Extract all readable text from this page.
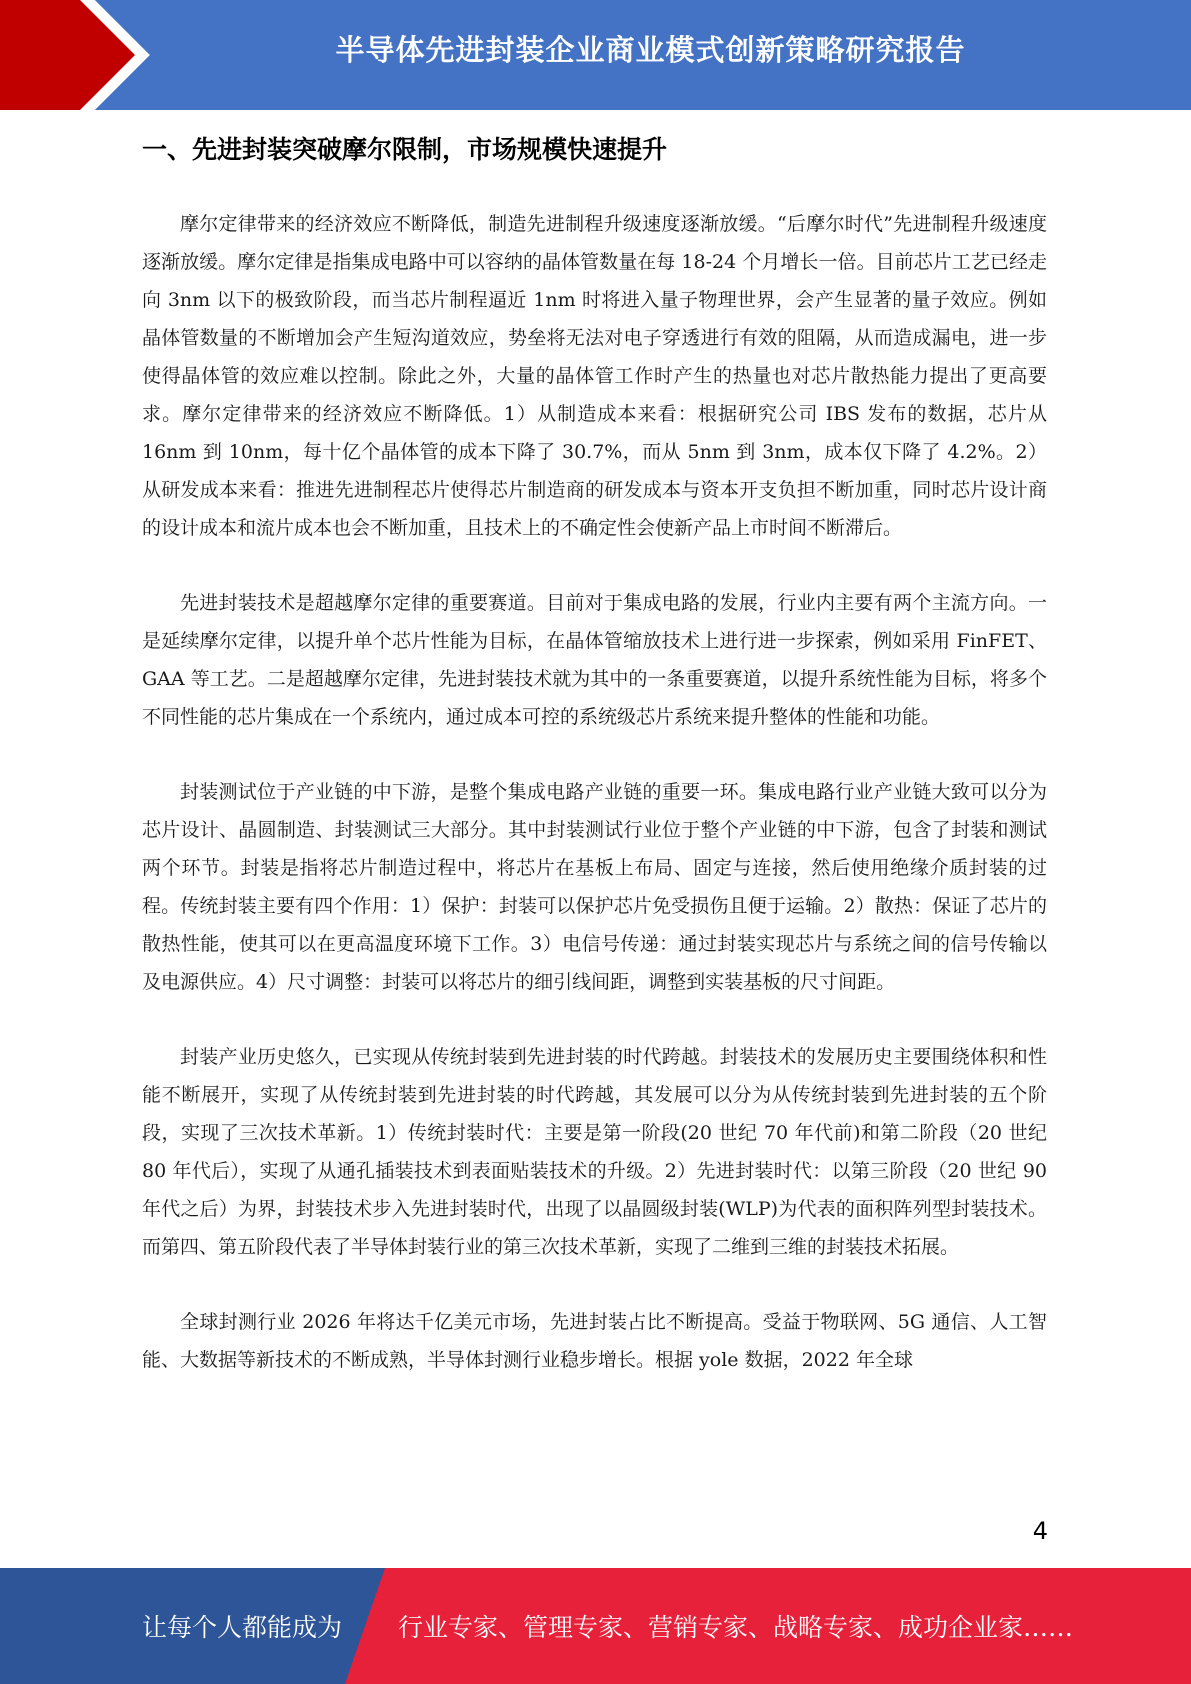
半导体先进封装企业商业模式创新策略研究报告
一、先进封装突破摩尔限制，市场规模快速提升

摩尔定律带来的经济效应不断降低，制造先进制程升级速度逐渐放缓。“后摩尔时代”先进制程升级速度逐渐放缓。摩尔定律是指集成电路中可以容纳的晶体管数量在每 18-24 个月增长一倍。目前芯片工艺已经走向 3nm 以下的极致阶段，而当芯片制程逼近 1nm 时将进入量子物理世界，会产生显著的量子效应。例如晶体管数量的不断增加会产生短沟道效应，势垒将无法对电子穿透进行有效的阻隔，从而造成漏电，进一步使得晶体管的效应难以控制。除此之外，大量的晶体管工作时产生的热量也对芯片散热能力提出了更高要求。摩尔定律带来的经济效应不断降低。1）从制造成本来看：根据研究公司 IBS 发布的数据，芯片从 16nm 到 10nm，每十亿个晶体管的成本下降了 30.7%，而从 5nm 到 3nm，成本仅下降了 4.2%。2）从研发成本来看：推进先进制程芯片使得芯片制造商的研发成本与资本开支负担不断加重，同时芯片设计商的设计成本和流片成本也会不断加重，且技术上的不确定性会使新产品上市时间不断滞后。

先进封装技术是超越摩尔定律的重要赛道。目前对于集成电路的发展，行业内主要有两个主流方向。一是延续摩尔定律，以提升单个芯片性能为目标，在晶体管缩放技术上进行进一步探索，例如采用 FinFET、GAA 等工艺。二是超越摩尔定律，先进封装技术就为其中的一条重要赛道，以提升系统性能为目标，将多个不同性能的芯片集成在一个系统内，通过成本可控的系统级芯片系统来提升整体的性能和功能。

封装测试位于产业链的中下游，是整个集成电路产业链的重要一环。集成电路行业产业链大致可以分为芯片设计、晶圆制造、封装测试三大部分。其中封装测试行业位于整个产业链的中下游，包含了封装和测试两个环节。封装是指将芯片制造过程中，将芯片在基板上布局、固定与连接，然后使用绝缘介质封装的过程。传统封装主要有四个作用：1）保护：封装可以保护芯片免受损伤且便于运输。2）散热：保证了芯片的散热性能，使其可以在更高温度环境下工作。3）电信号传递：通过封装实现芯片与系统之间的信号传输以及电源供应。4）尺寸调整：封装可以将芯片的细引线间距，调整到实装基板的尺寸间距。

封装产业历史悠久，已实现从传统封装到先进封装的时代跨越。封装技术的发展历史主要围绕体积和性能不断展开，实现了从传统封装到先进封装的时代跨越，其发展可以分为从传统封装到先进封装的五个阶段，实现了三次技术革新。1）传统封装时代：主要是第一阶段(20 世纪 70 年代前)和第二阶段（20 世纪 80 年代后），实现了从通孔插装技术到表面贴装技术的升级。2）先进封装时代：以第三阶段（20 世纪 90 年代之后）为界，封装技术步入先进封装时代，出现了以晶圆级封装(WLP)为代表的面积阵列型封装技术。而第四、第五阶段代表了半导体封装行业的第三次技术革新，实现了二维到三维的封装技术拓展。

全球封测行业 2026 年将达千亿美元市场，先进封装占比不断提高。受益于物联网、5G 通信、人工智能、大数据等新技术的不断成熟，半导体封测行业稳步增长。根据 yole 数据，2022 年全球

4
让每个人都能成为 行业专家、管理专家、营销专家、战略专家、成功企业家……
